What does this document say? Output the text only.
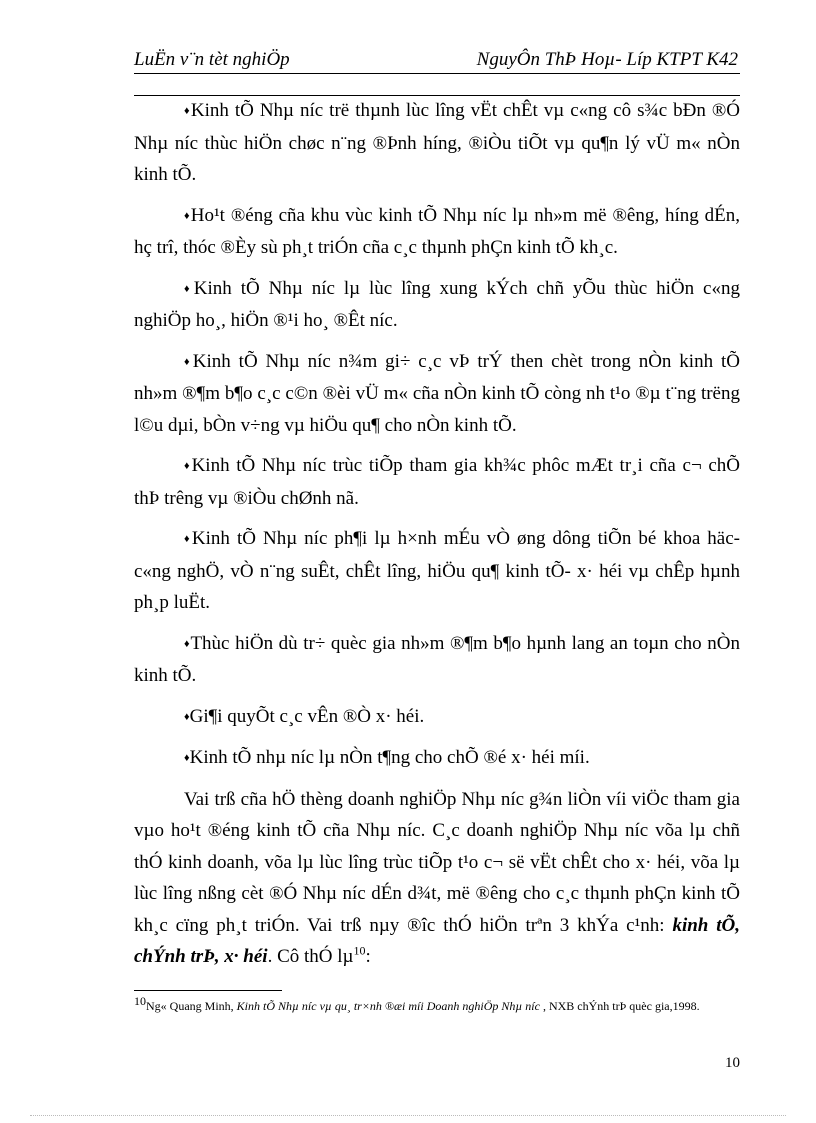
LuËn v¨n tèt nghiÖp	NguyÔn ThÞ Hoµ- Líp KTPT K42

♦ Kinh tÕ Nhµ níc trë thµnh lùc lîng vËt chÊt vµ c«ng cô s¾c bÐn ®Ó Nhµ níc thùc hiÖn chøc n¨ng ®Þnh híng, ®iÒu tiÕt vµ qu¶n lý vÜ m« nÒn kinh tÕ.

♦ Ho¹t ®éng cña khu vùc kinh tÕ Nhµ níc lµ nh»m më ®êng, híng dÉn, hç trî, thóc ®Èy sù ph¸t triÓn cña c¸c thµnh phÇn kinh tÕ kh¸c.

♦ Kinh tÕ Nhµ níc lµ lùc lîng xung kÝch chñ yÕu thùc hiÖn c«ng nghiÖp ho¸, hiÖn ®¹i ho¸ ®Êt níc.

♦ Kinh tÕ Nhµ níc n¾m gi÷ c¸c vÞ trÝ then chèt trong nÒn kinh tÕ nh»m ®¶m b¶o c¸c c©n ®èi vÜ m« cña nÒn kinh tÕ còng nh t¹o ®µ t¨ng trëng l©u dµi, bÒn v÷ng vµ hiÖu qu¶ cho nÒn kinh tÕ.

♦ Kinh tÕ Nhµ níc trùc tiÕp tham gia kh¾c phôc mÆt tr¸i cña c¬ chÕ thÞ trêng vµ ®iÒu chØnh nã.

♦ Kinh tÕ Nhµ níc ph¶i lµ h×nh mÉu vÒ øng dông tiÕn bé khoa häc- c«ng nghÖ, vÒ n¨ng suÊt, chÊt lîng, hiÖu qu¶ kinh tÕ- x· héi vµ chÊp hµnh ph¸p luËt.

♦ Thùc hiÖn dù tr÷ quèc gia nh»m ®¶m b¶o hµnh lang an toµn cho nÒn kinh tÕ.

♦ Gi¶i quyÕt c¸c vÊn ®Ò x· héi.

♦ Kinh tÕ nhµ níc lµ nÒn t¶ng cho chÕ ®é x· héi míi.

Vai trß cña hÖ thèng doanh nghiÖp Nhµ níc g¾n liÒn víi viÖc tham gia vµo ho¹t ®éng kinh tÕ cña Nhµ níc. C¸c doanh nghiÖp Nhµ níc võa lµ chñ thÓ kinh doanh, võa lµ lùc lîng trùc tiÕp t¹o c¬ së vËt chÊt cho x· héi, võa lµ lùc lîng nßng cèt ®Ó Nhµ níc dÉn d¾t, më ®êng cho c¸c thµnh phÇn kinh tÕ kh¸c cïng ph¸t triÓn. Vai trß nµy ®îc thÓ hiÖn trªn 3 khÝa c¹nh: kinh tÕ, chÝnh trÞ, x· héi. Cô thÓ lµ$^{10}$:

$^{10}$Ng« Quang Minh, Kinh tÕ Nhµ níc vµ qu¸ tr×nh ®æi míi Doanh nghiÖp Nhµ níc , NXB chÝnh trÞ quèc gia,1998.
10
